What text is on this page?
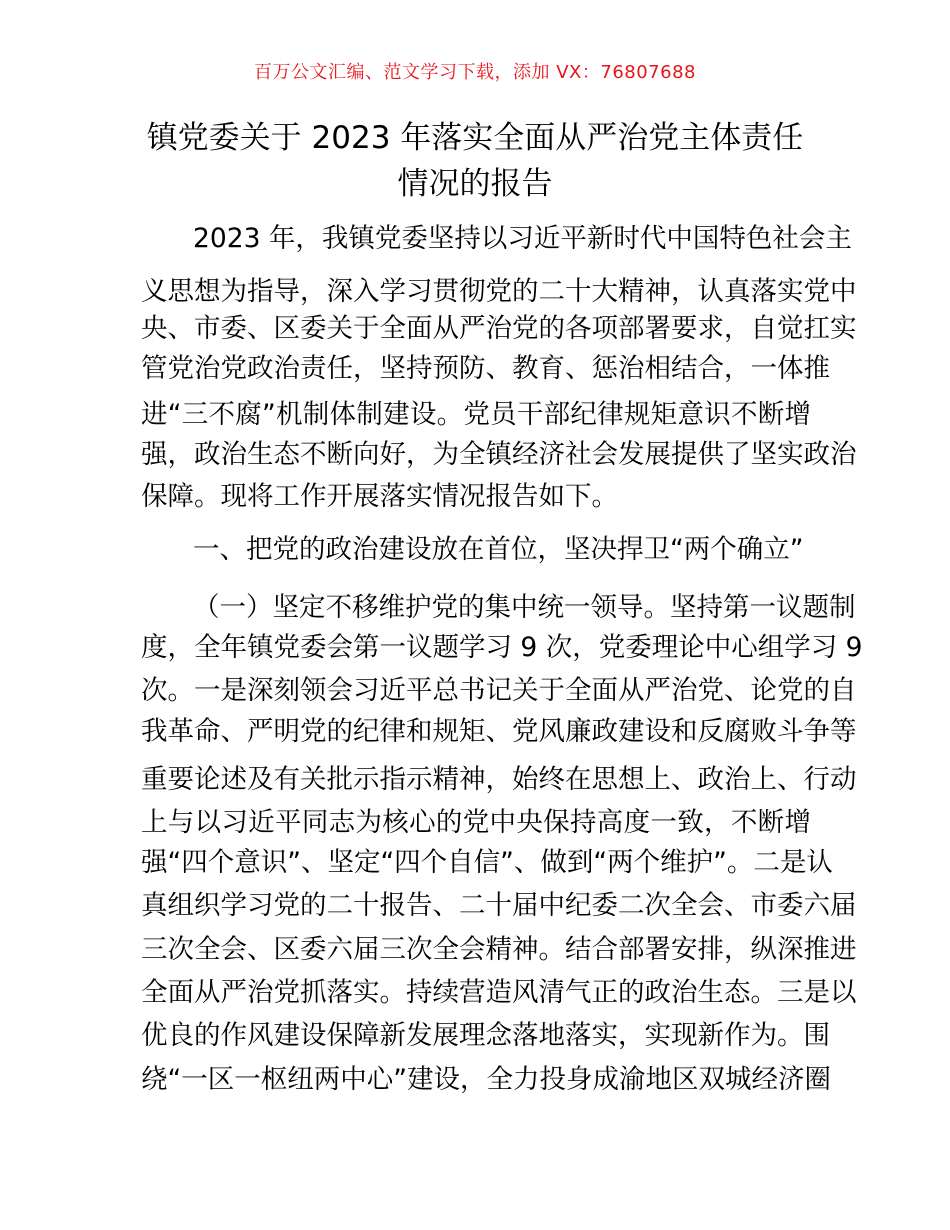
百万公文汇编、范文学习下载，添加 VX：76807688
镇党委关于 2023 年落实全面从严治党主体责任
情况的报告
2023 年，我镇党委坚持以习近平新时代中国特色社会主
义思想为指导，深入学习贯彻党的二十大精神，认真落实党中
央、市委、区委关于全面从严治党的各项部署要求，自觉扛实
管党治党政治责任，坚持预防、教育、惩治相结合，一体推
进“三不腐”机制体制建设。党员干部纪律规矩意识不断增
强，政治生态不断向好，为全镇经济社会发展提供了坚实政治
保障。现将工作开展落实情况报告如下。
一、把党的政治建设放在首位，坚决捍卫“两个确立”
（一）坚定不移维护党的集中统一领导。坚持第一议题制
度，全年镇党委会第一议题学习 9 次，党委理论中心组学习 9
次。一是深刻领会习近平总书记关于全面从严治党、论党的自
我革命、严明党的纪律和规矩、党风廉政建设和反腐败斗争等
重要论述及有关批示指示精神，始终在思想上、政治上、行动
上与以习近平同志为核心的党中央保持高度一致，不断增
强“四个意识”、坚定“四个自信”、做到“两个维护”。二是认
真组织学习党的二十报告、二十届中纪委二次全会、市委六届
三次全会、区委六届三次全会精神。结合部署安排，纵深推进
全面从严治党抓落实。持续营造风清气正的政治生态。三是以
优良的作风建设保障新发展理念落地落实，实现新作为。围
绕“一区一枢纽两中心”建设，全力投身成渝地区双城经济圈
